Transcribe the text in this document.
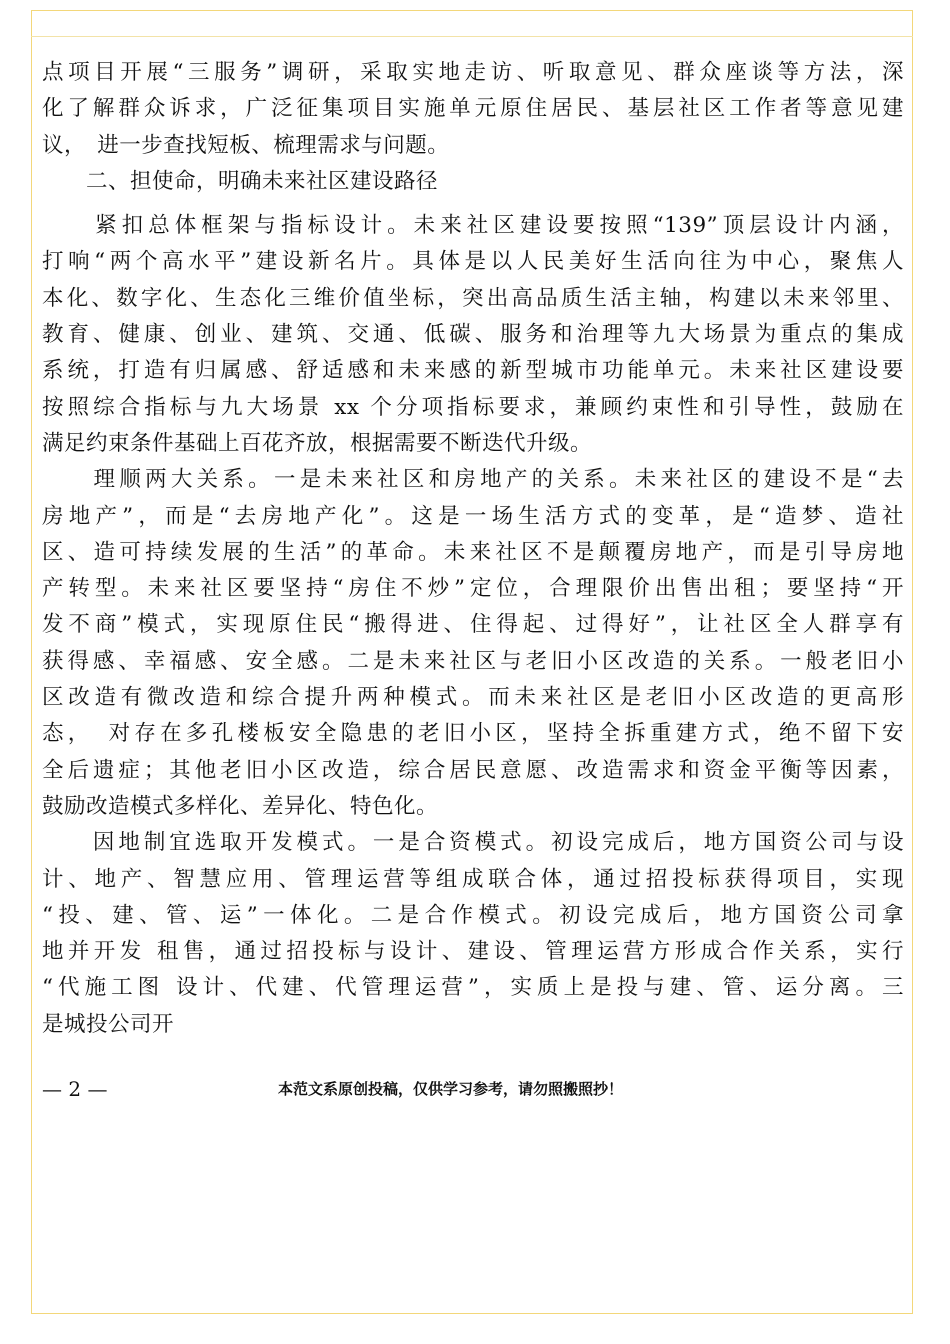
点项目开展“三服务”调研，采取实地走访、听取意见、群众座谈等方法，深
化了解群众诉求，广泛征集项目实施单元原住居民、基层社区工作者等意见建
议，　进一步查找短板、梳理需求与问题。
　　二、担使命，明确未来社区建设路径
　　紧扣总体框架与指标设计。未来社区建设要按照“139”顶层设计内涵，
打响“两个高水平”建设新名片。具体是以人民美好生活向往为中心，聚焦人
本化、数字化、生态化三维价值坐标，突出高品质生活主轴，构建以未来邻里、
教育、健康、创业、建筑、交通、低碳、服务和治理等九大场景为重点的集成
系统，打造有归属感、舒适感和未来感的新型城市功能单元。未来社区建设要
按照综合指标与九大场景 xx 个分项指标要求，兼顾约束性和引导性，鼓励在
满足约束条件基础上百花齐放，根据需要不断迭代升级。
　　理顺两大关系。一是未来社区和房地产的关系。未来社区的建设不是“去
房地产”，而是“去房地产化”。这是一场生活方式的变革，是“造梦、造社
区、造可持续发展的生活”的革命。未来社区不是颠覆房地产，而是引导房地
产转型。未来社区要坚持“房住不炒”定位，合理限价出售出租；要坚持“开
发不商”模式，实现原住民“搬得进、住得起、过得好”，让社区全人群享有
获得感、幸福感、安全感。二是未来社区与老旧小区改造的关系。一般老旧小
区改造有微改造和综合提升两种模式。而未来社区是老旧小区改造的更高形
态，　对存在多孔楼板安全隐患的老旧小区，坚持全拆重建方式，绝不留下安
全后遗症；其他老旧小区改造，综合居民意愿、改造需求和资金平衡等因素，
鼓励改造模式多样化、差异化、特色化。
　　因地制宜选取开发模式。一是合资模式。初设完成后，地方国资公司与设
计、地产、智慧应用、管理运营等组成联合体，通过招投标获得项目，实现
“投、建、管、运”一体化。二是合作模式。初设完成后，地方国资公司拿
地并开发 租售，通过招投标与设计、建设、管理运营方形成合作关系，实行
“代施工图 设计、代建、代管理运营”，实质上是投与建、管、运分离。三
是城投公司开
— 2 —	本范文系原创投稿，仅供学习参考，请勿照搬照抄！
